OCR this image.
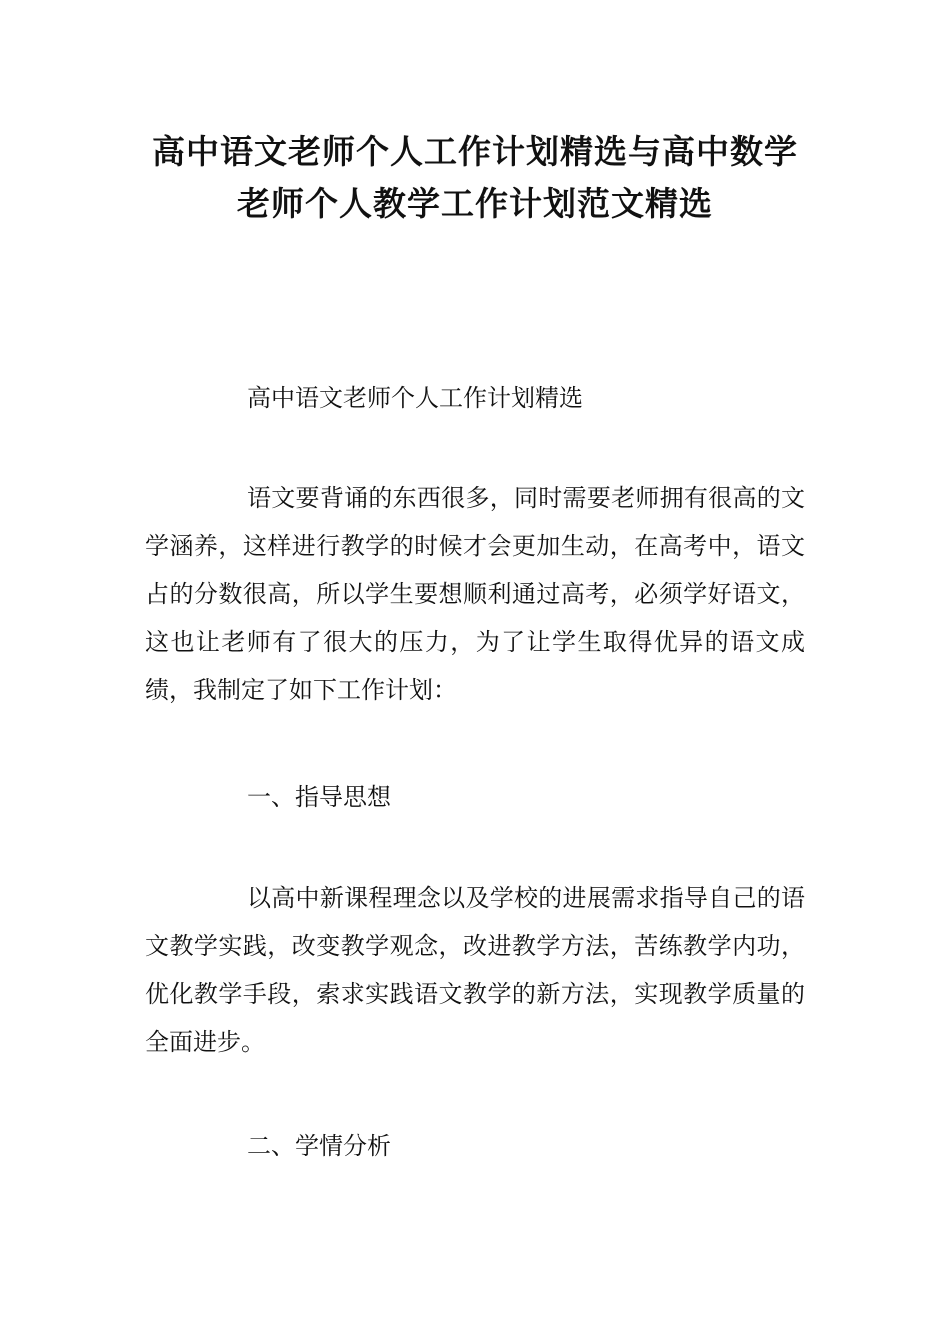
高中语文老师个人工作计划精选与高中数学老师个人教学工作计划范文精选

高中语文老师个人工作计划精选

语文要背诵的东西很多，同时需要老师拥有很高的文学涵养，这样进行教学的时候才会更加生动，在高考中，语文占的分数很高，所以学生要想顺利通过高考，必须学好语文，这也让老师有了很大的压力，为了让学生取得优异的语文成绩，我制定了如下工作计划：

一、指导思想

以高中新课程理念以及学校的进展需求指导自己的语文教学实践，改变教学观念，改进教学方法，苦练教学内功，优化教学手段，索求实践语文教学的新方法，实现教学质量的全面进步。

二、学情分析
